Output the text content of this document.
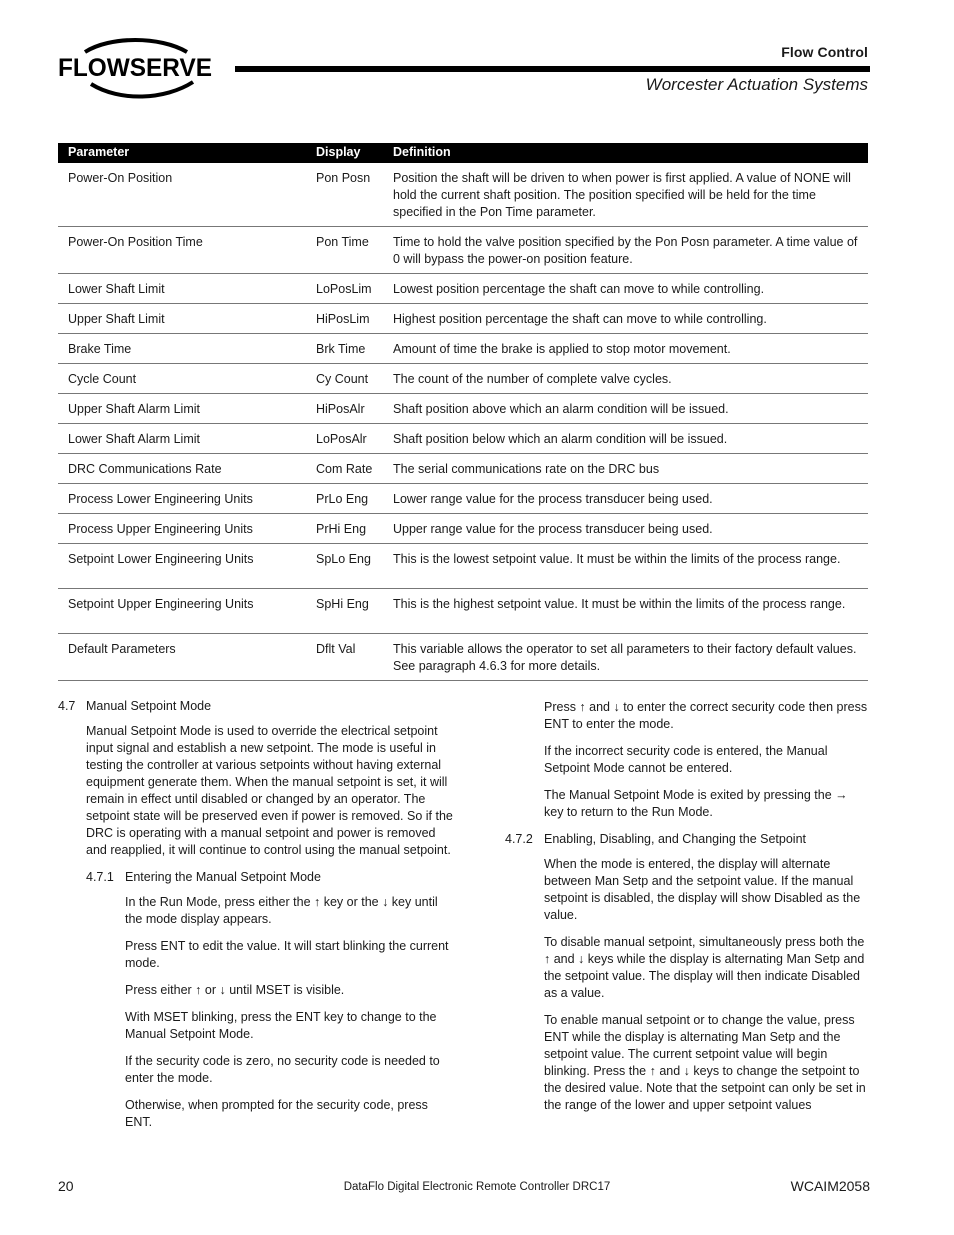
FLOWSERVE
Flow Control
Worcester Actuation Systems
Parameter	Display	Definition
Power-On Position	Pon Posn	Position the shaft will be driven to when power is first applied. A value of NONE will hold the current shaft position. The position specified will be held for the time specified in the Pon Time parameter.
Power-On Position Time	Pon Time	Time to hold the valve position specified by the Pon Posn parameter. A time value of 0 will bypass the power-on position feature.
Lower Shaft Limit	LoPosLim	Lowest position percentage the shaft can move to while controlling.
Upper Shaft Limit	HiPosLim	Highest position percentage the shaft can move to while controlling.
Brake Time	Brk Time	Amount of time the brake is applied to stop motor movement.
Cycle Count	Cy Count	The count of the number of complete valve cycles.
Upper Shaft Alarm Limit	HiPosAlr	Shaft position above which an alarm condition will be issued.
Lower Shaft Alarm Limit	LoPosAlr	Shaft position below which an alarm condition will be issued.
DRC Communications Rate	Com Rate	The serial communications rate on the DRC bus
Process Lower Engineering Units	PrLo Eng	Lower range value for the process transducer being used.
Process Upper Engineering Units	PrHi Eng	Upper range value for the process transducer being used.
Setpoint Lower Engineering Units	SpLo Eng	This is the lowest setpoint value. It must be within the limits of the process range.
Setpoint Upper Engineering Units	SpHi Eng	This is the highest setpoint value. It must be within the limits of the process range.
Default Parameters	Dflt Val	This variable allows the operator to set all parameters to their factory default values. See paragraph 4.6.3 for more details.
4.7 Manual Setpoint Mode

Manual Setpoint Mode is used to override the electrical setpoint input signal and establish a new setpoint. The mode is useful in testing the controller at various setpoints without having external equipment generate them. When the manual setpoint is set, it will remain in effect until disabled or changed by an operator. The setpoint state will be preserved even if power is removed. So if the DRC is operating with a manual setpoint and power is removed and reapplied, it will continue to control using the manual setpoint.

4.7.1 Entering the Manual Setpoint Mode

In the Run Mode, press either the ↑ key or the ↓ key until the mode display appears.

Press ENT to edit the value. It will start blinking the current mode.

Press either ↑ or ↓ until MSET is visible.

With MSET blinking, press the ENT key to change to the Manual Setpoint Mode.

If the security code is zero, no security code is needed to enter the mode.

Otherwise, when prompted for the security code, press ENT.

Press ↑ and ↓ to enter the correct security code then press ENT to enter the mode.

If the incorrect security code is entered, the Manual Setpoint Mode cannot be entered.

The Manual Setpoint Mode is exited by pressing the → key to return to the Run Mode.

4.7.2 Enabling, Disabling, and Changing the Setpoint

When the mode is entered, the display will alternate between Man Setp and the setpoint value. If the manual setpoint is disabled, the display will show Disabled as the value.

To disable manual setpoint, simultaneously press both the ↑ and ↓ keys while the display is alternating Man Setp and the setpoint value. The display will then indicate Disabled as a value.

To enable manual setpoint or to change the value, press ENT while the display is alternating Man Setp and the setpoint value. The current setpoint value will begin blinking. Press the ↑ and ↓ keys to change the setpoint to the desired value. Note that the setpoint can only be set in the range of the lower and upper setpoint values

20	DataFlo Digital Electronic Remote Controller DRC17	WCAIM2058
